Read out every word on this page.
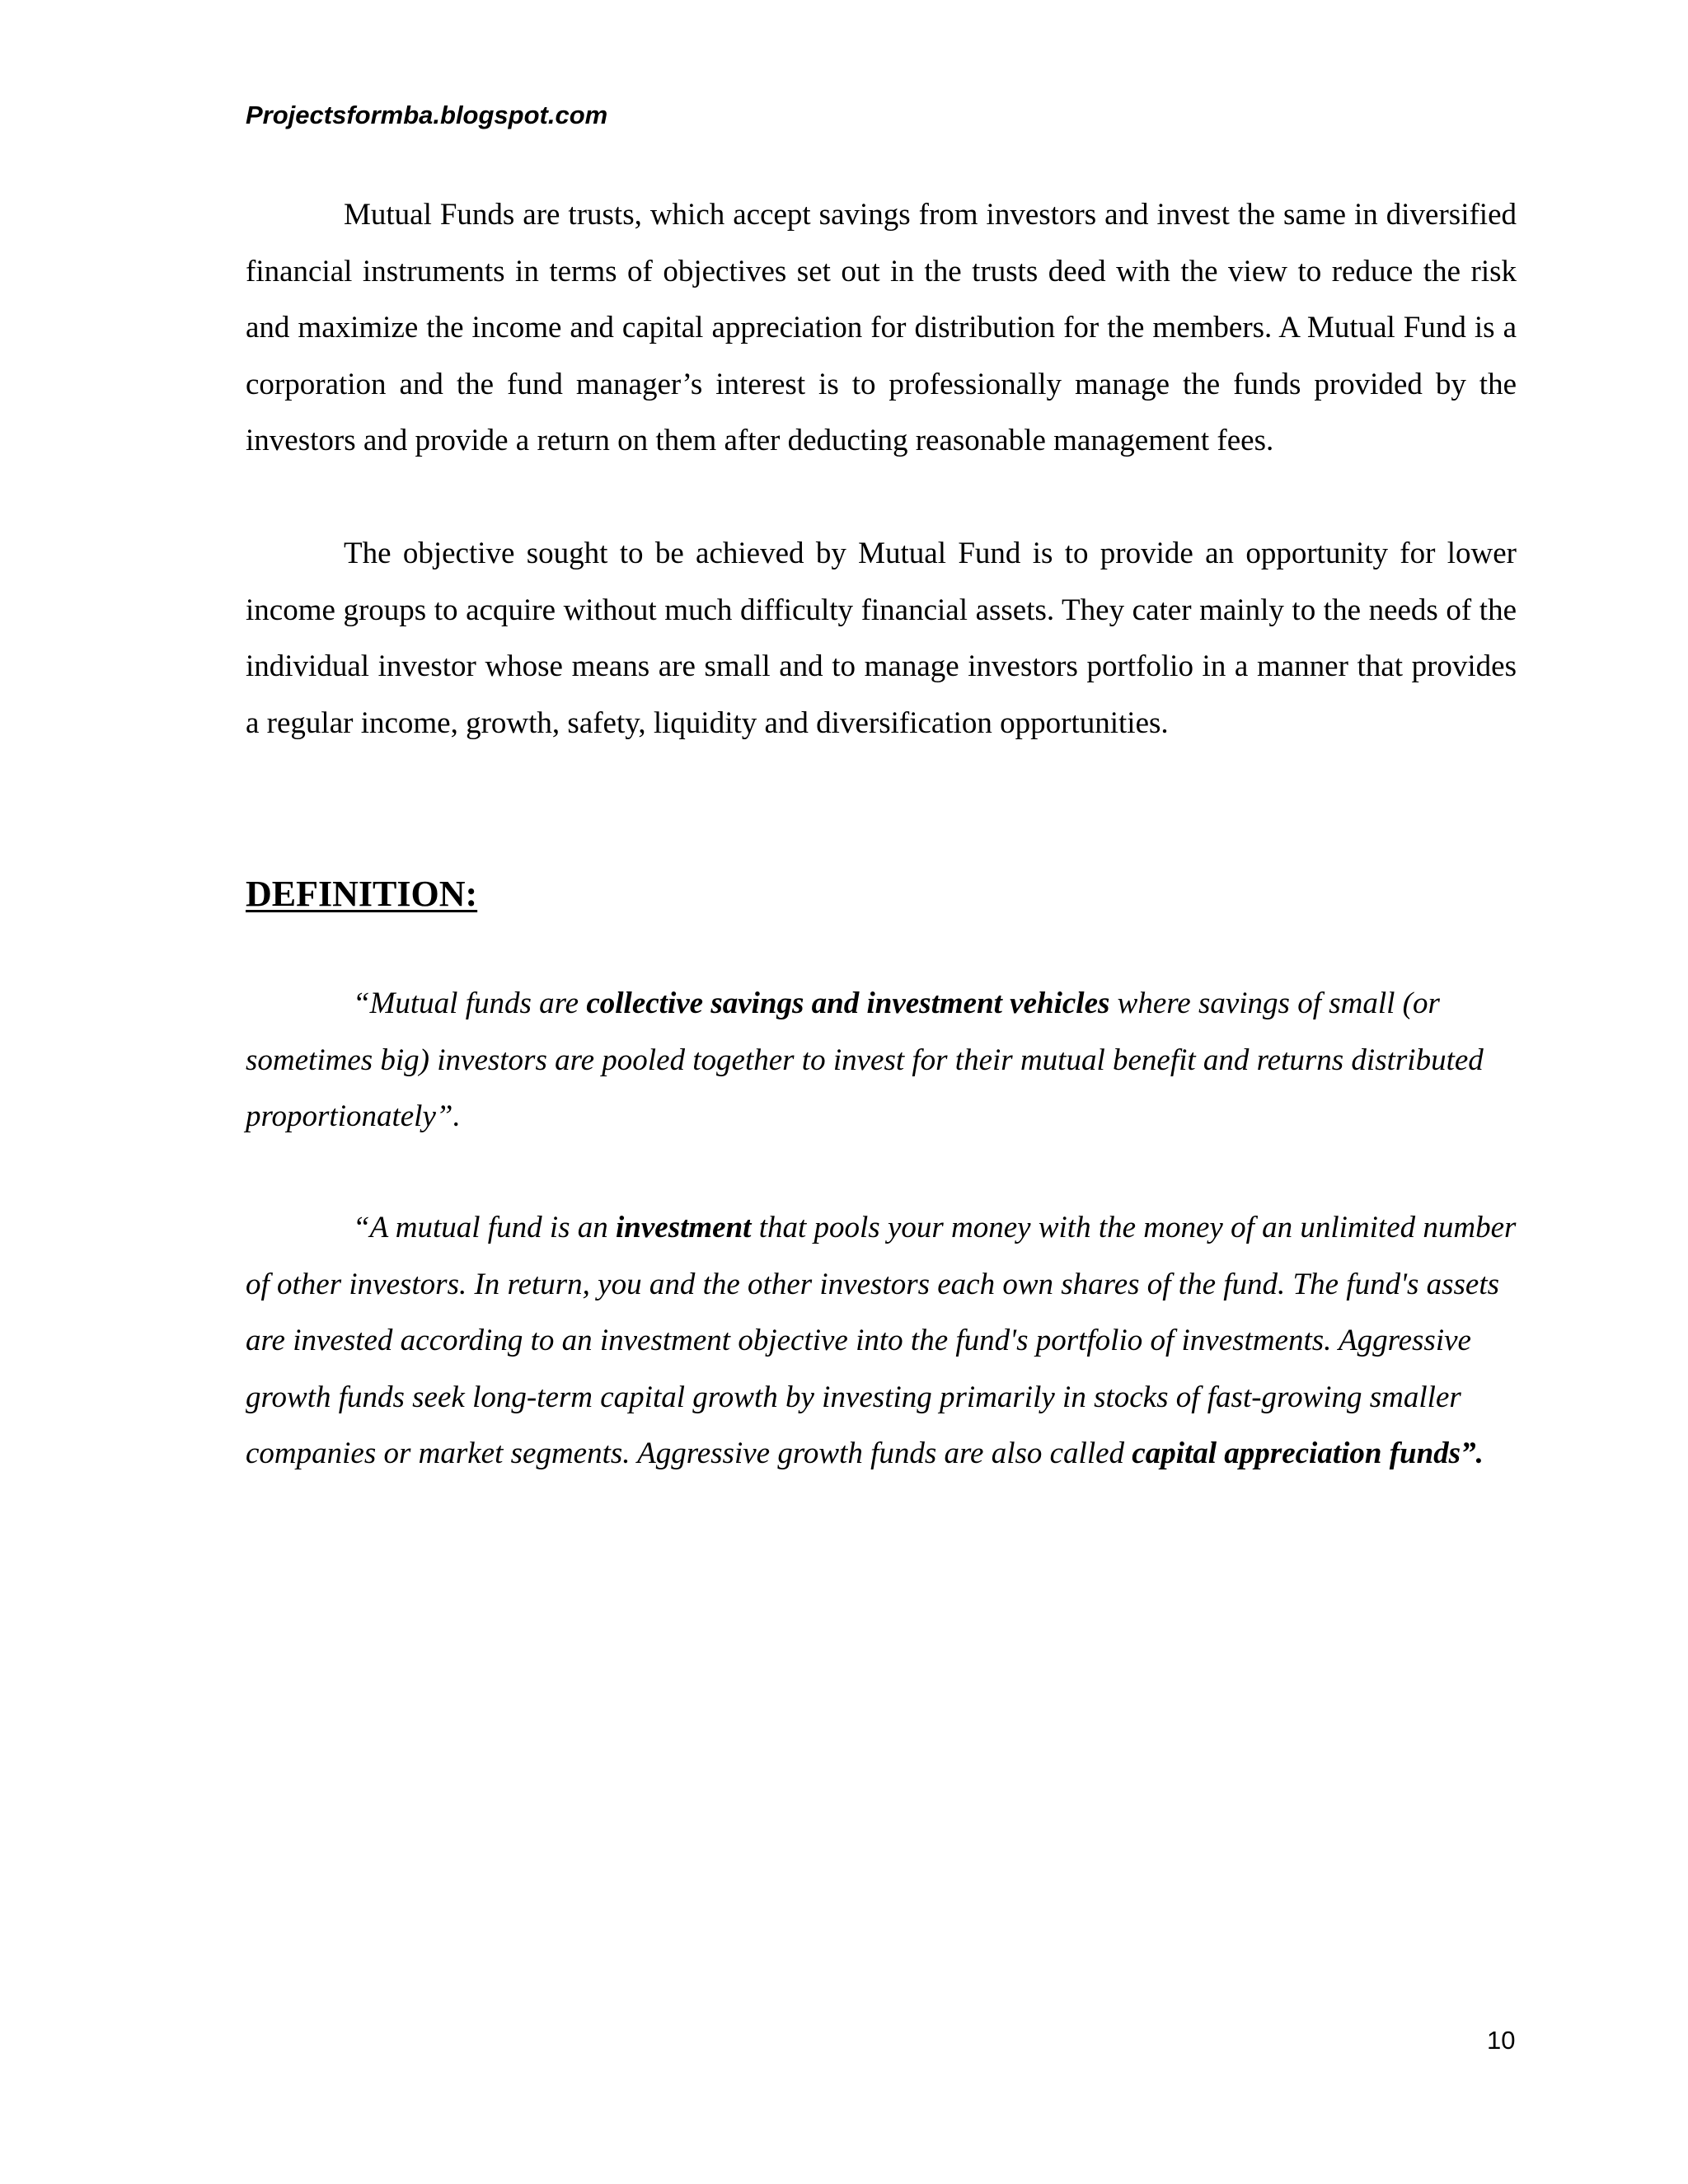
Projectsformba.blogspot.com

Mutual Funds are trusts, which accept savings from investors and invest the same in diversified financial instruments in terms of objectives set out in the trusts deed with the view to reduce the risk and maximize the income and capital appreciation for distribution for the members. A Mutual Fund is a corporation and the fund manager’s interest is to professionally manage the funds provided by the investors and provide a return on them after deducting reasonable management fees.

The objective sought to be achieved by Mutual Fund is to provide an opportunity for lower income groups to acquire without much difficulty financial assets. They cater mainly to the needs of the individual investor whose means are small and to manage investors portfolio in a manner that provides a regular income, growth, safety, liquidity and diversification opportunities.

DEFINITION:

“Mutual funds are collective savings and investment vehicles where savings of small (or sometimes big) investors are pooled together to invest for their mutual benefit and returns distributed proportionately”.

“A mutual fund is an investment that pools your money with the money of an unlimited number of other investors. In return, you and the other investors each own shares of the fund. The fund's assets are invested according to an investment objective into the fund's portfolio of investments. Aggressive growth funds seek long-term capital growth by investing primarily in stocks of fast-growing smaller companies or market segments. Aggressive growth funds are also called capital appreciation funds”.

10
